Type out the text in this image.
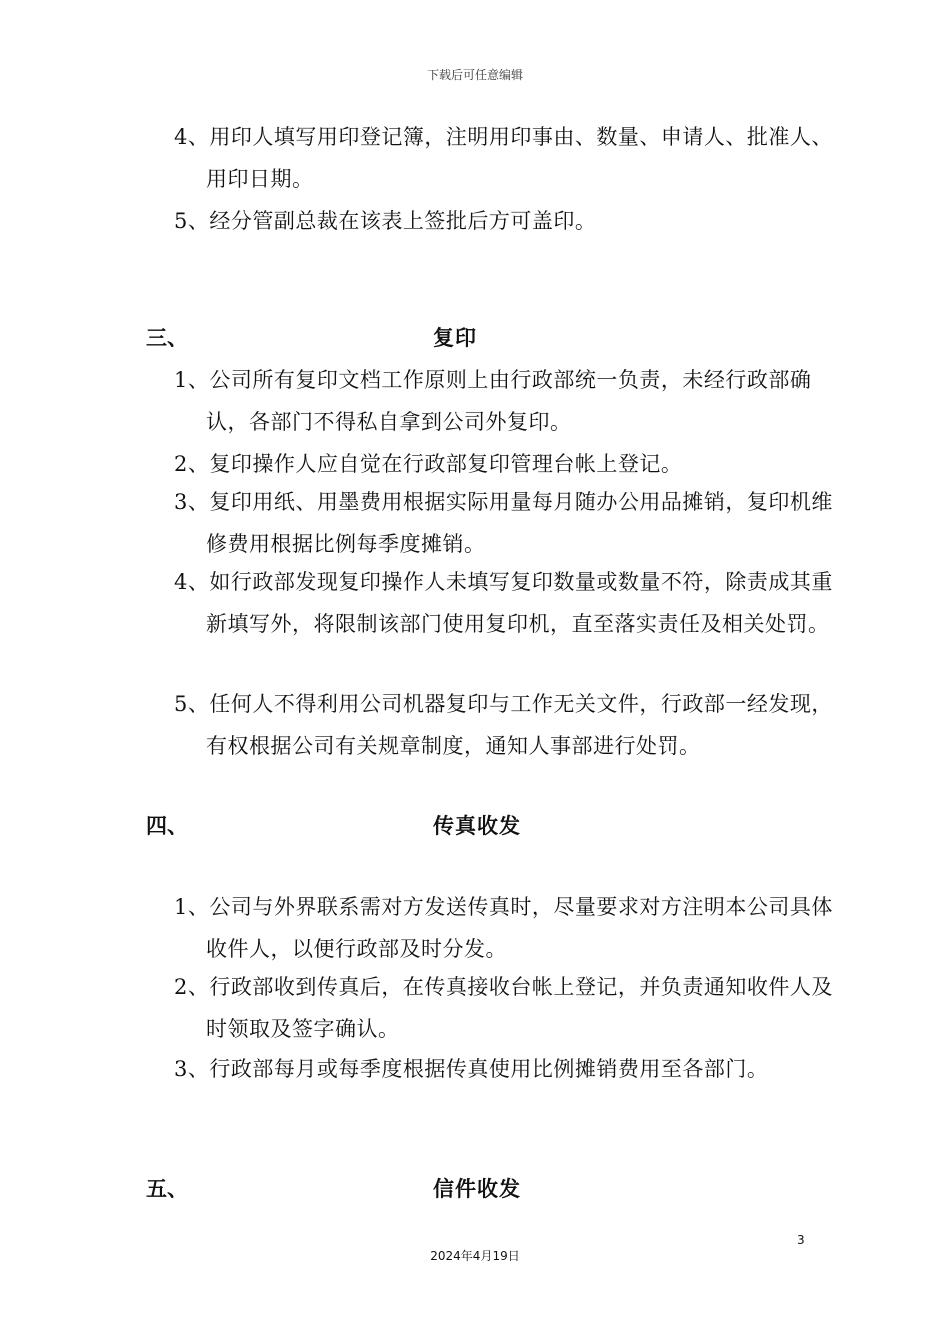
下载后可任意编辑
4、用印人填写用印登记簿，注明用印事由、数量、申请人、批准人、用印日期。
5、经分管副总裁在该表上签批后方可盖印。
三、	复印
1、公司所有复印文档工作原则上由行政部统一负责，未经行政部确认，各部门不得私自拿到公司外复印。
2、复印操作人应自觉在行政部复印管理台帐上登记。
3、复印用纸、用墨费用根据实际用量每月随办公用品摊销，复印机维修费用根据比例每季度摊销。
4、如行政部发现复印操作人未填写复印数量或数量不符，除责成其重新填写外，将限制该部门使用复印机，直至落实责任及相关处罚。
5、任何人不得利用公司机器复印与工作无关文件，行政部一经发现，有权根据公司有关规章制度，通知人事部进行处罚。
四、	传真收发
1、公司与外界联系需对方发送传真时，尽量要求对方注明本公司具体收件人，以便行政部及时分发。
2、行政部收到传真后，在传真接收台帐上登记，并负责通知收件人及时领取及签字确认。
3、行政部每月或每季度根据传真使用比例摊销费用至各部门。
五、	信件收发
3
2024年4月19日
